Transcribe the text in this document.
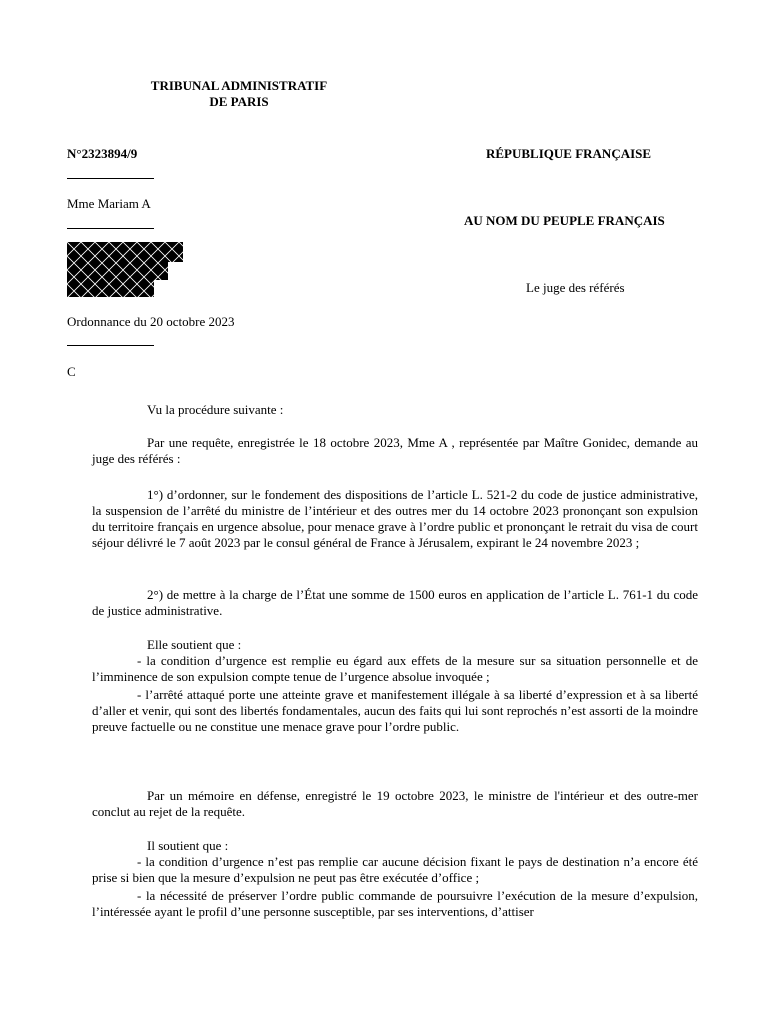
TRIBUNAL ADMINISTRATIF
DE PARIS
N°2323894/9	RÉPUBLIQUE FRANÇAISE
Mme Mariam A
AU NOM DU PEUPLE FRANÇAIS
Le juge des référés
Ordonnance du 20 octobre 2023
C

Vu la procédure suivante :

Par une requête, enregistrée le 18 octobre 2023, Mme A , représentée par Maître Gonidec, demande au juge des référés :

1°) d’ordonner, sur le fondement des dispositions de l’article L. 521-2 du code de justice administrative, la suspension de l’arrêté du ministre de l’intérieur et des outres mer du 14 octobre 2023 prononçant son expulsion du territoire français en urgence absolue, pour menace grave à l’ordre public et prononçant le retrait du visa de court séjour délivré le 7 août 2023 par le consul général de France à Jérusalem, expirant le 24 novembre 2023 ;

2°) de mettre à la charge de l’État une somme de 1500 euros en application de l’article L. 761-1 du code de justice administrative.

Elle soutient que :

- la condition d’urgence est remplie eu égard aux effets de la mesure sur sa situation personnelle et de l’imminence de son expulsion compte tenue de l’urgence absolue invoquée ;

- l’arrêté attaqué porte une atteinte grave et manifestement illégale à sa liberté d’expression et à sa liberté d’aller et venir, qui sont des libertés fondamentales, aucun des faits qui lui sont reprochés n’est assorti de la moindre preuve factuelle ou ne constitue une menace grave pour l’ordre public.

Par un mémoire en défense, enregistré le 19 octobre 2023, le ministre de l'intérieur et des outre-mer conclut au rejet de la requête.

Il soutient que :

- la condition d’urgence n’est pas remplie car aucune décision fixant le pays de destination n’a encore été prise si bien que la mesure d’expulsion ne peut pas être exécutée d’office ;

- la nécessité de préserver l’ordre public commande de poursuivre l’exécution de la mesure d’expulsion, l’intéressée ayant le profil d’une personne susceptible, par ses interventions, d’attiser
